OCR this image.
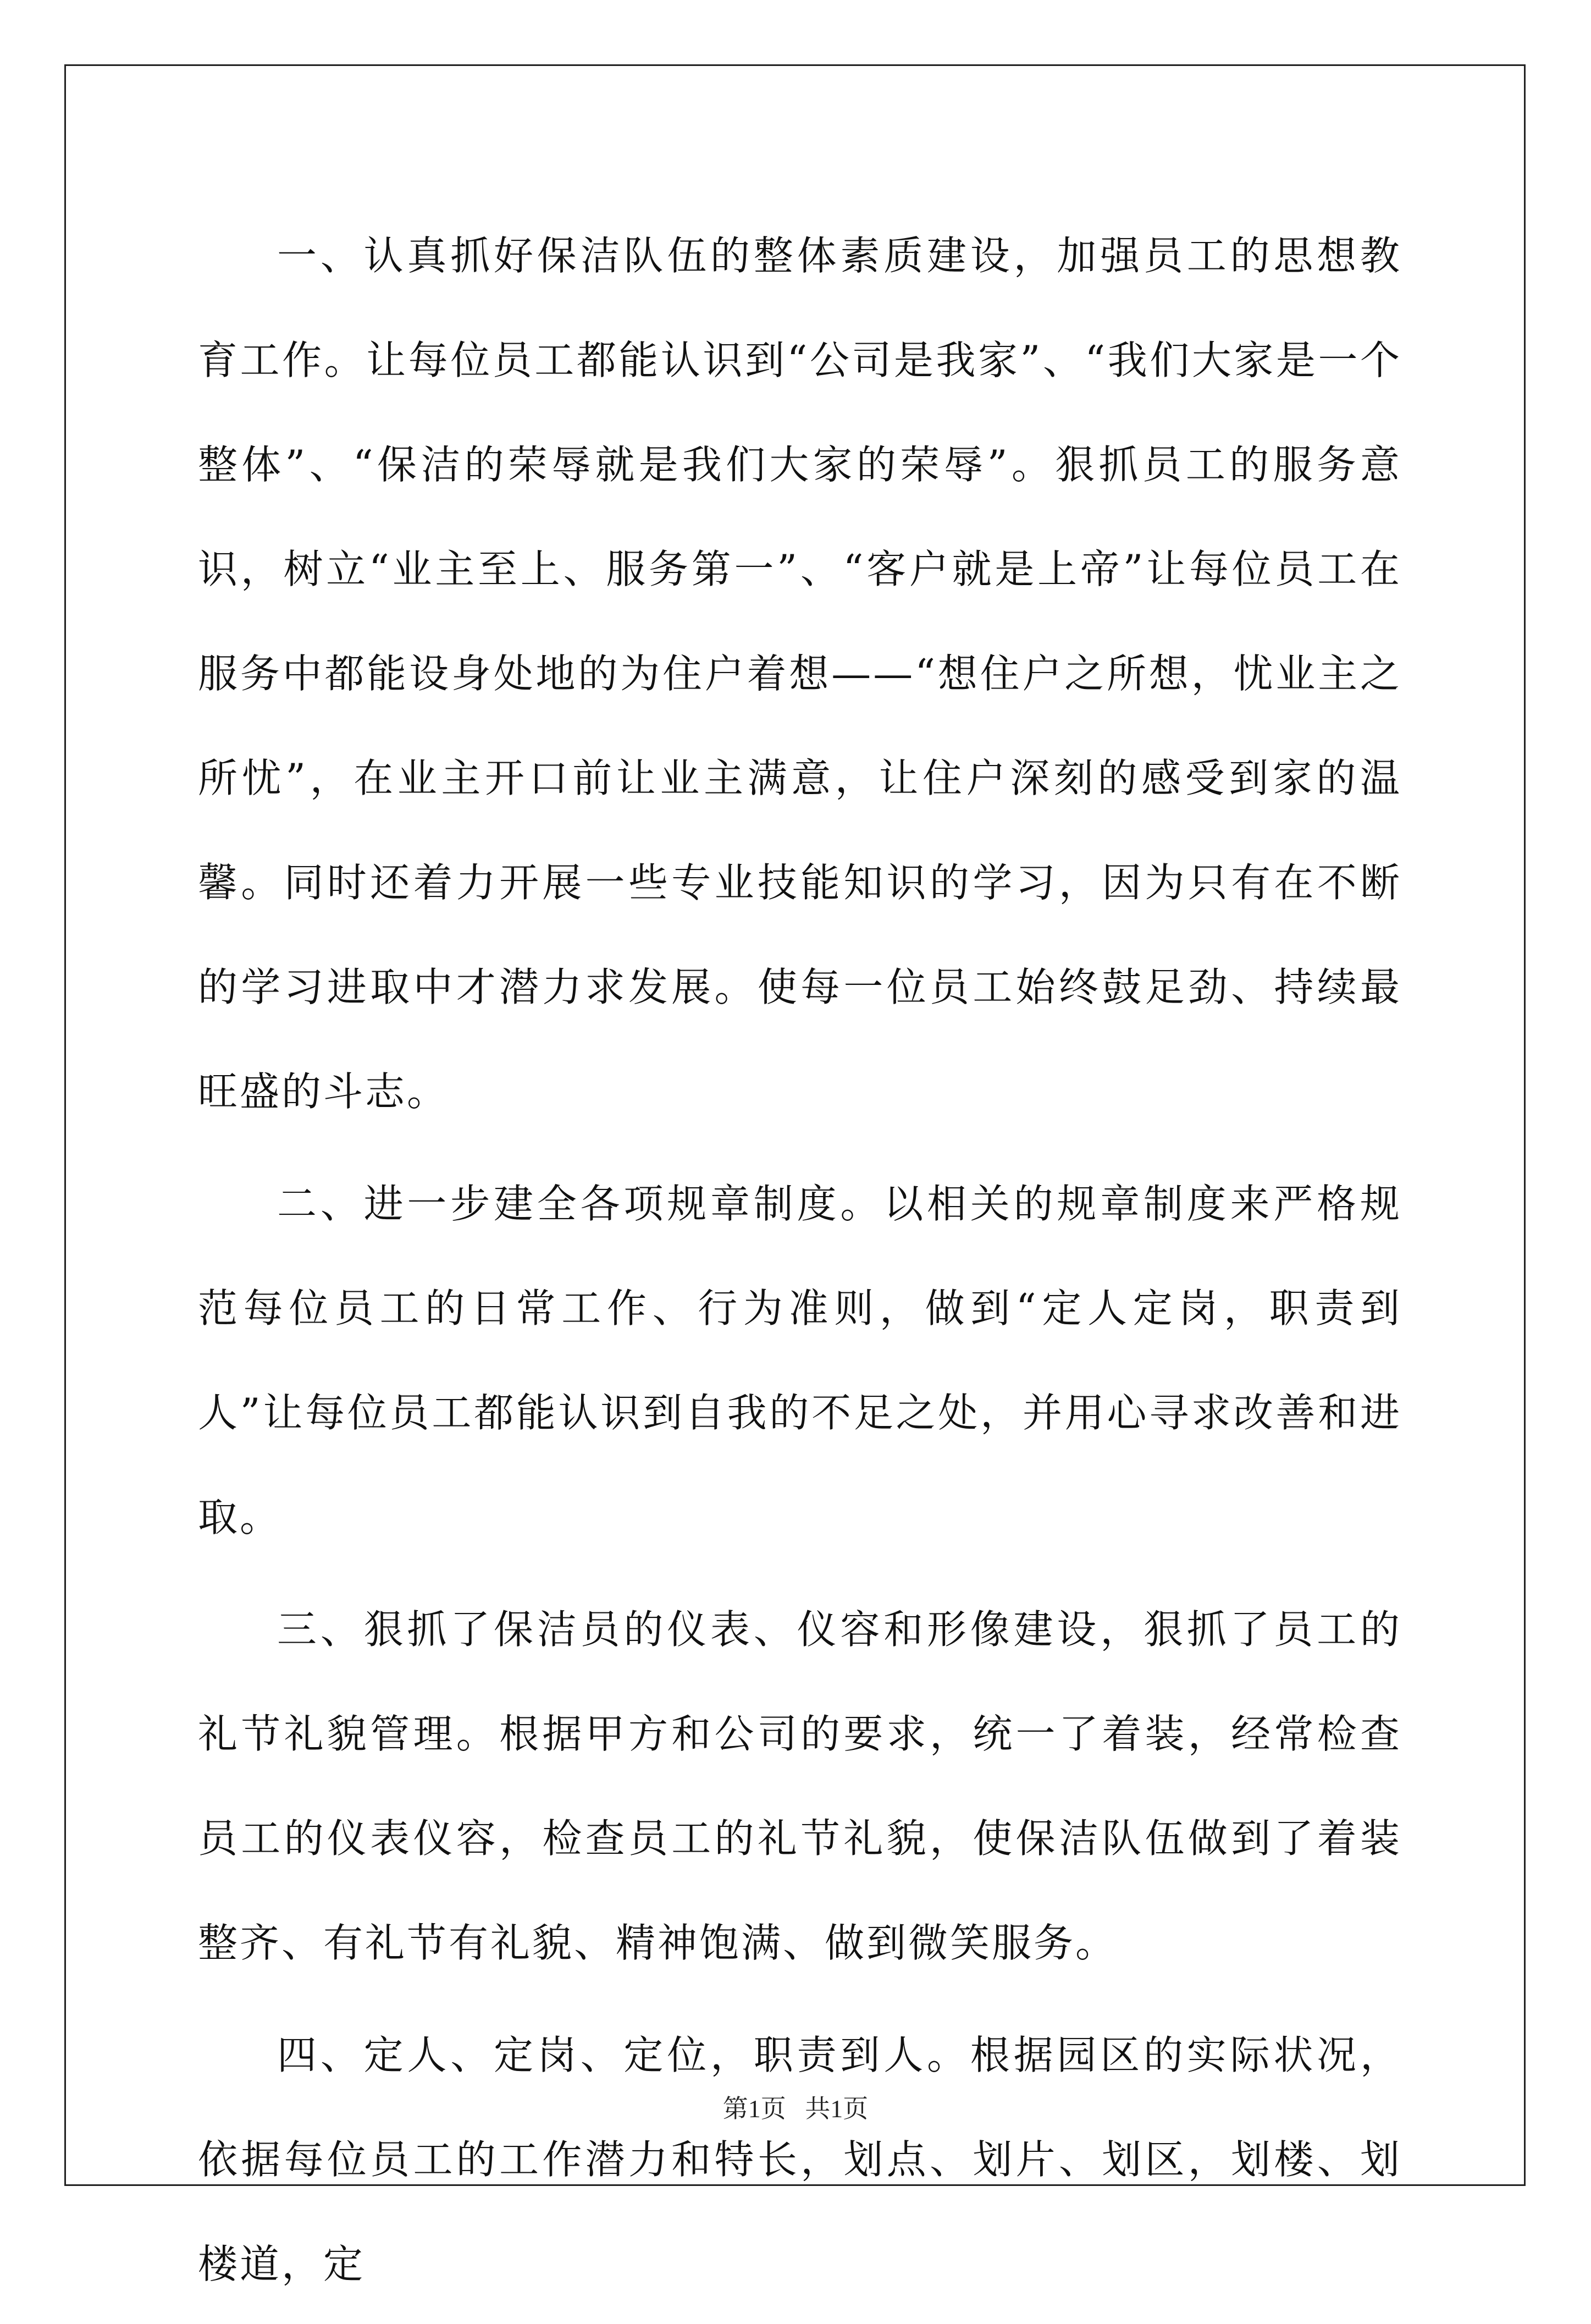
一、认真抓好保洁队伍的整体素质建设，加强员工的思想教育工作。让每位员工都能认识到“公司是我家”、“我们大家是一个整体”、“保洁的荣辱就是我们大家的荣辱”。狠抓员工的服务意识，树立“业主至上、服务第一”、“客户就是上帝”让每位员工在服务中都能设身处地的为住户着想——“想住户之所想，忧业主之所忧”，在业主开口前让业主满意，让住户深刻的感受到家的温馨。同时还着力开展一些专业技能知识的学习，因为只有在不断的学习进取中才潜力求发展。使每一位员工始终鼓足劲、持续最旺盛的斗志。

二、进一步建全各项规章制度。以相关的规章制度来严格规范每位员工的日常工作、行为准则，做到“定人定岗，职责到人”让每位员工都能认识到自我的不足之处，并用心寻求改善和进取。

三、狠抓了保洁员的仪表、仪容和形像建设，狠抓了员工的礼节礼貌管理。根据甲方和公司的要求，统一了着装，经常检查员工的仪表仪容，检查员工的礼节礼貌，使保洁队伍做到了着装整齐、有礼节有礼貌、精神饱满、做到微笑服务。

四、定人、定岗、定位，职责到人。根据园区的实际状况，依据每位员工的工作潜力和特长，划点、划片、划区，划楼、划楼道，定

第1页   共1页
